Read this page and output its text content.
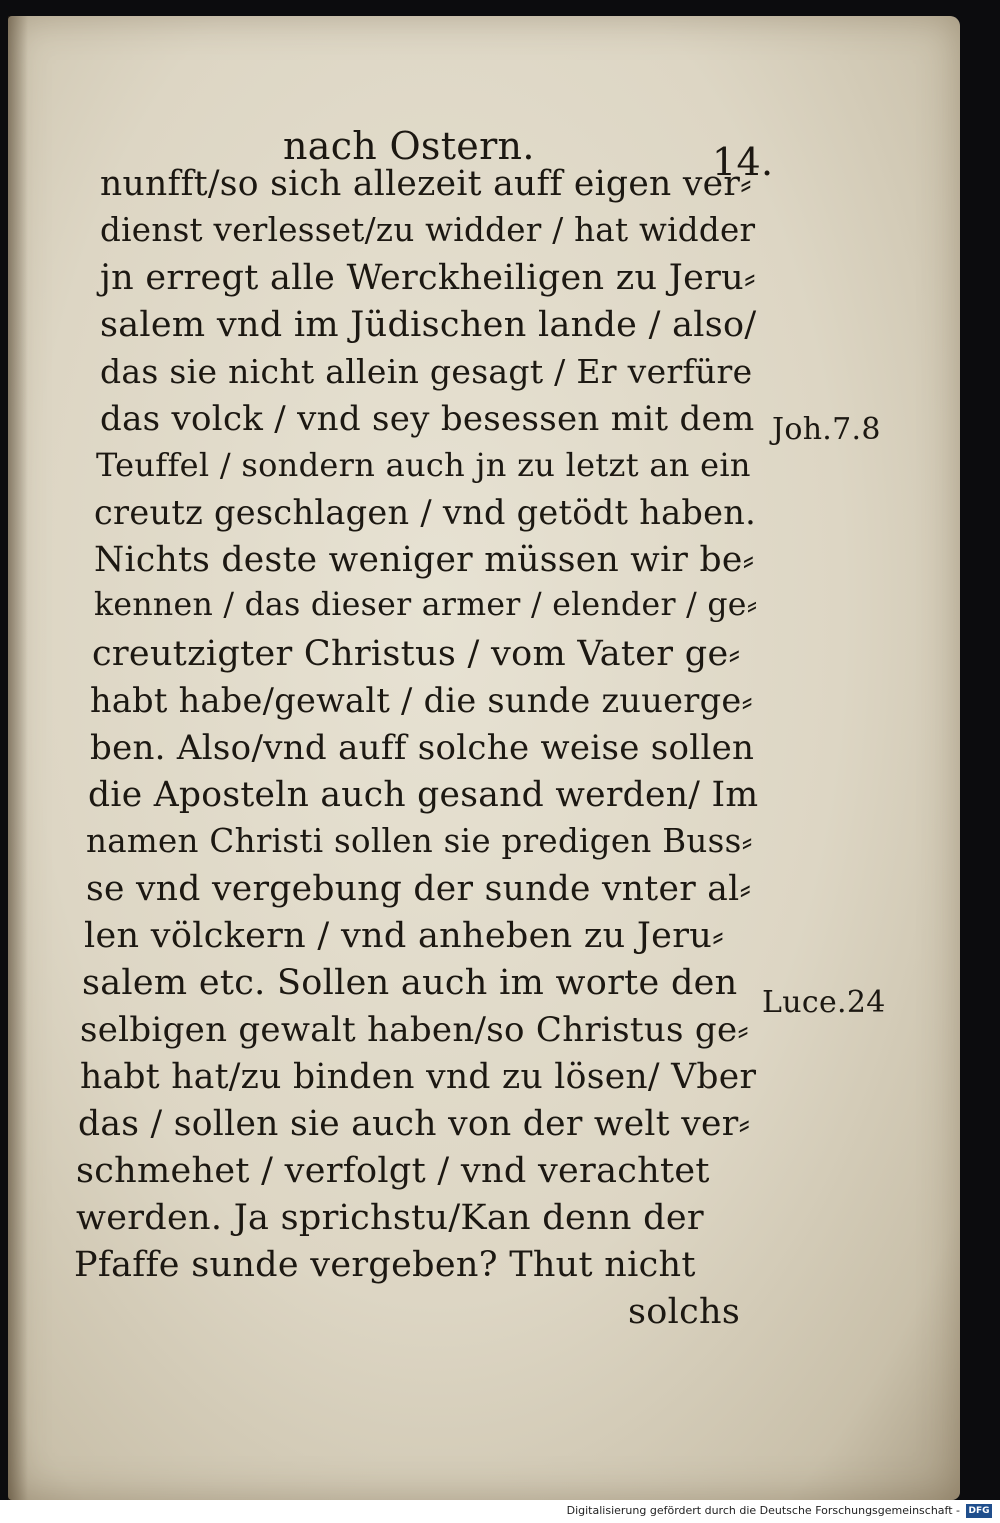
nach Ostern.	14.
nunfft/so sich allezeit auff eigen ver⸗
dienst verlesset/zu widder / hat widder
jn erregt alle Werckheiligen zu Jeru⸗
salem vnd im Jüdischen lande / also/
das sie nicht allein gesagt / Er verfüre
das volck / vnd sey besessen mit dem
Teuffel / sondern auch jn zu letzt an ein
creutz geschlagen / vnd getödt haben.
Nichts deste weniger müssen wir be⸗
kennen / das dieser armer / elender / ge⸗
creutzigter Christus / vom Vater ge⸗
habt habe/gewalt / die sunde zuuerge⸗
ben. Also/vnd auff solche weise sollen
die Aposteln auch gesand werden/ Im
namen Christi sollen sie predigen Buss⸗
se vnd vergebung der sunde vnter al⸗
len völckern / vnd anheben zu Jeru⸗
salem etc. Sollen auch im worte den
selbigen gewalt haben/so Christus ge⸗
habt hat/zu binden vnd zu lösen/ Vber
das / sollen sie auch von der welt ver⸗
schmehet / verfolgt / vnd verachtet
werden. Ja sprichstu/Kan denn der
Pfaffe sunde vergeben? Thut nicht
solchs
Joh.7.8
Luce.24
Digitalisierung gefördert durch die Deutsche Forschungsgemeinschaft - DFG
